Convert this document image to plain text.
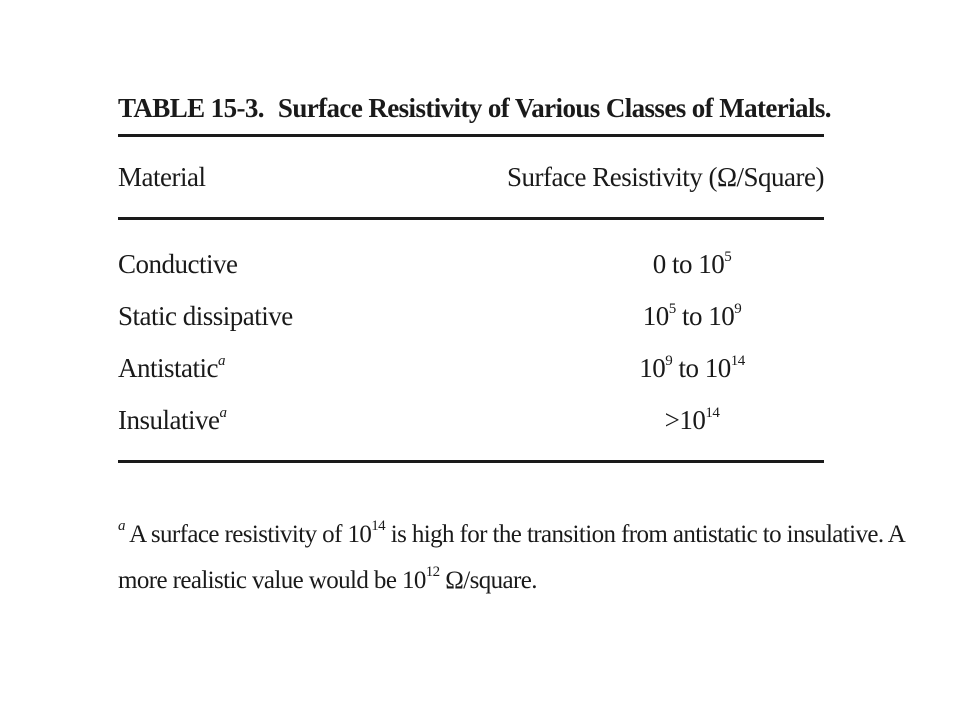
TABLE 15-3. Surface Resistivity of Various Classes of Materials.
Material	Surface Resistivity (Ω/Square)
Conductive	0 to $10^5$
Static dissipative	$10^5$ to $10^9$
Antistatic$^a$	$10^9$ to $10^{14}$
Insulative$^a$	$>10^{14}$
$^a$ A surface resistivity of $10^{14}$ is high for the transition from antistatic to insulative. A
more realistic value would be $10^{12}$ Ω/square.
